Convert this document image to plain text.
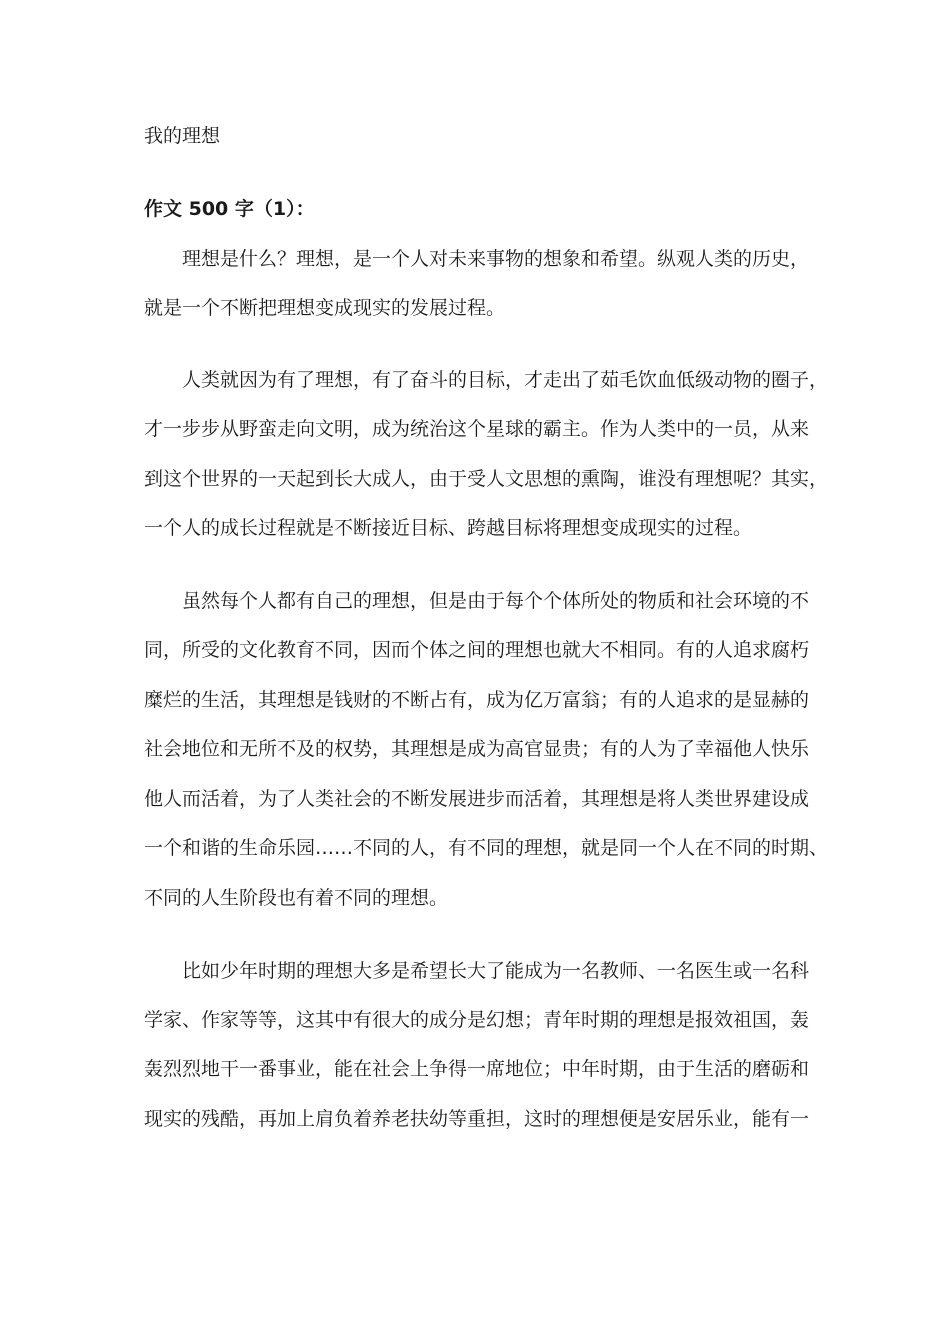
我的理想
作文 500 字（1）：

理想是什么？理想，是一个人对未来事物的想象和希望。纵观人类的历史，

就是一个不断把理想变成现实的发展过程。

人类就因为有了理想，有了奋斗的目标，才走出了茹毛饮血低级动物的圈子，

才一步步从野蛮走向文明，成为统治这个星球的霸主。作为人类中的一员，从来

到这个世界的一天起到长大成人，由于受人文思想的熏陶，谁没有理想呢？其实，

一个人的成长过程就是不断接近目标、跨越目标将理想变成现实的过程。

虽然每个人都有自己的理想，但是由于每个个体所处的物质和社会环境的不

同，所受的文化教育不同，因而个体之间的理想也就大不相同。有的人追求腐朽

糜烂的生活，其理想是钱财的不断占有，成为亿万富翁；有的人追求的是显赫的

社会地位和无所不及的权势，其理想是成为高官显贵；有的人为了幸福他人快乐

他人而活着，为了人类社会的不断发展进步而活着，其理想是将人类世界建设成

一个和谐的生命乐园……不同的人，有不同的理想，就是同一个人在不同的时期、

不同的人生阶段也有着不同的理想。

比如少年时期的理想大多是希望长大了能成为一名教师、一名医生或一名科

学家、作家等等，这其中有很大的成分是幻想；青年时期的理想是报效祖国，轰

轰烈烈地干一番事业，能在社会上争得一席地位；中年时期，由于生活的磨砺和

现实的残酷，再加上肩负着养老扶幼等重担，这时的理想便是安居乐业，能有一
